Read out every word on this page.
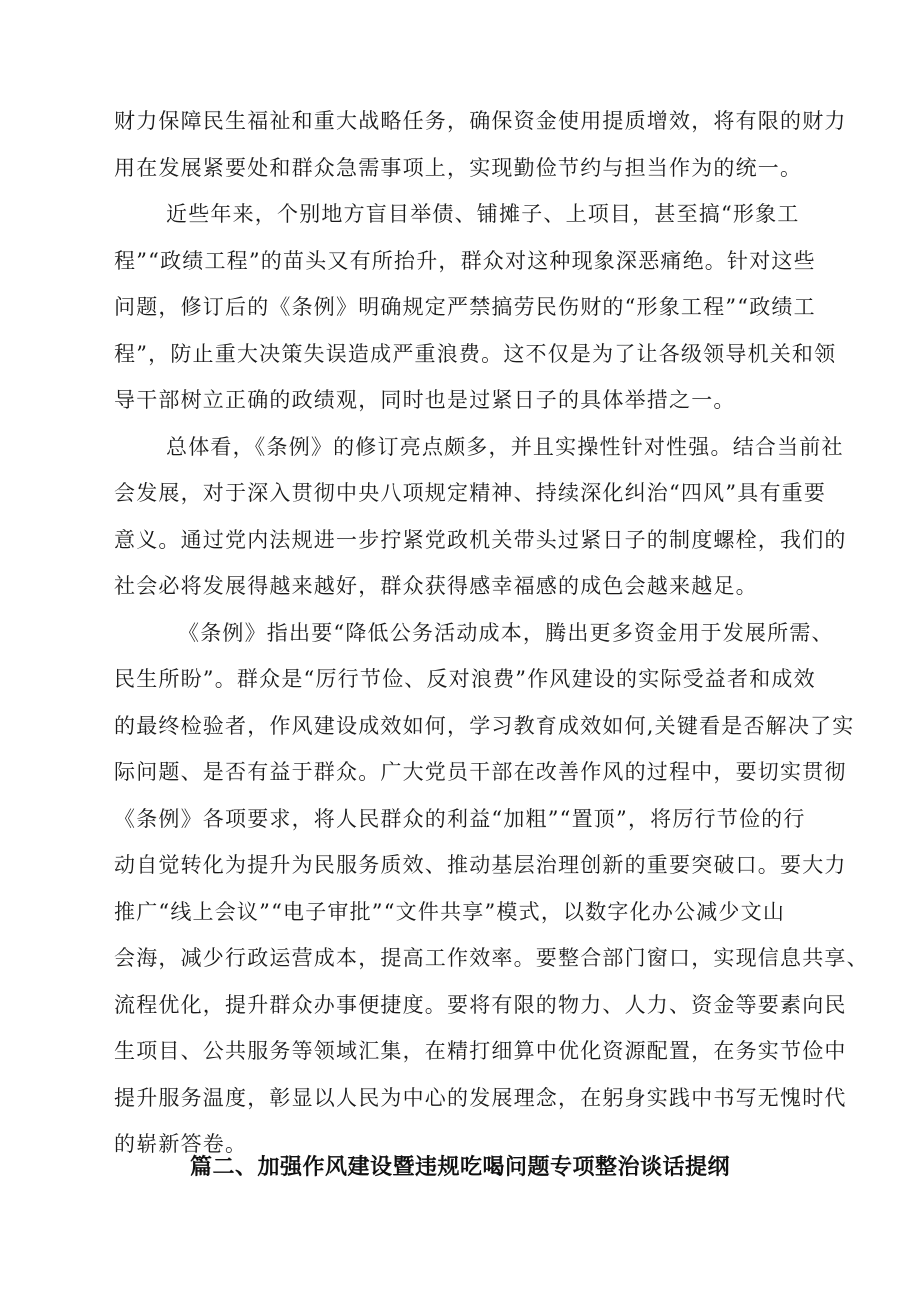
财力保障民生福祉和重大战略任务，确保资金使用提质增效，将有限的财力
用在发展紧要处和群众急需事项上，实现勤俭节约与担当作为的统一。
近些年来，个别地方盲目举债、铺摊子、上项目，甚至搞“形象工
程”“政绩工程”的苗头又有所抬升，群众对这种现象深恶痛绝。针对这些
问题，修订后的《条例》明确规定严禁搞劳民伤财的“形象工程”“政绩工
程”，防止重大决策失误造成严重浪费。这不仅是为了让各级领导机关和领
导干部树立正确的政绩观，同时也是过紧日子的具体举措之一。
总体看，《条例》的修订亮点颇多，并且实操性针对性强。结合当前社
会发展，对于深入贯彻中央八项规定精神、持续深化纠治“四风”具有重要
意义。通过党内法规进一步拧紧党政机关带头过紧日子的制度螺栓，我们的
社会必将发展得越来越好，群众获得感幸福感的成色会越来越足。
《条例》指出要“降低公务活动成本，腾出更多资金用于发展所需、
民生所盼”。群众是“厉行节俭、反对浪费”作风建设的实际受益者和成效
的最终检验者，作风建设成效如何，学习教育成效如何,关键看是否解决了实
际问题、是否有益于群众。广大党员干部在改善作风的过程中，要切实贯彻
《条例》各项要求，将人民群众的利益“加粗”“置顶”，将厉行节俭的行
动自觉转化为提升为民服务质效、推动基层治理创新的重要突破口。要大力
推广“线上会议”“电子审批”“文件共享”模式，以数字化办公减少文山
会海，减少行政运营成本，提高工作效率。要整合部门窗口，实现信息共享、
流程优化，提升群众办事便捷度。要将有限的物力、人力、资金等要素向民
生项目、公共服务等领域汇集，在精打细算中优化资源配置，在务实节俭中
提升服务温度，彰显以人民为中心的发展理念，在躬身实践中书写无愧时代
的崭新答卷。
篇二、加强作风建设暨违规吃喝问题专项整治谈话提纲
